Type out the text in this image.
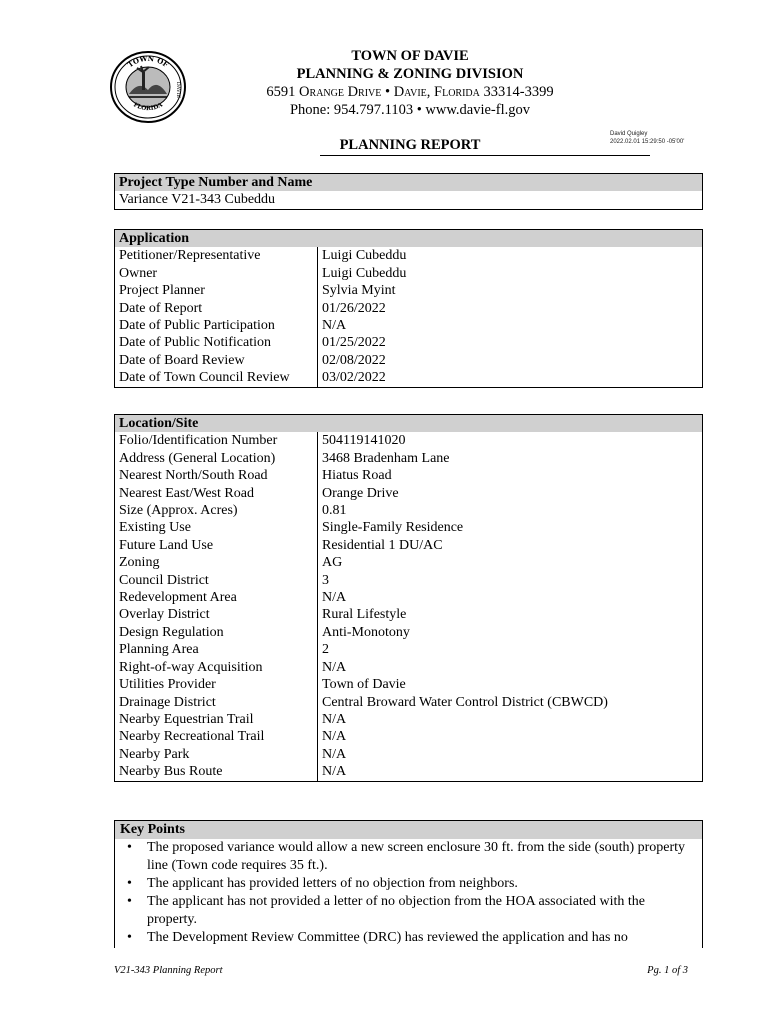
TOWN OF
FLORIDA
DAVIE
TOWN OF DAVIE
PLANNING & ZONING DIVISION
6591 Orange Drive • Davie, Florida 33314-3399
Phone: 954.797.1103 • www.davie-fl.gov
David Quigley
2022.02.01 15:29:50 -05'00'
PLANNING REPORT
Project Type Number and Name
Variance V21-343 Cubeddu
Application	
Petitioner/Representative	Luigi Cubeddu
Owner	Luigi Cubeddu
Project Planner	Sylvia Myint
Date of Report	01/26/2022
Date of Public Participation	N/A
Date of Public Notification	01/25/2022
Date of Board Review	02/08/2022
Date of Town Council Review	03/02/2022
Location/Site	
Folio/Identification Number	504119141020
Address (General Location)	3468 Bradenham Lane
Nearest North/South Road	Hiatus Road
Nearest East/West Road	Orange Drive
Size (Approx. Acres)	0.81
Existing Use	Single-Family Residence
Future Land Use	Residential 1 DU/AC
Zoning	AG
Council District	3
Redevelopment Area	N/A
Overlay District	Rural Lifestyle
Design Regulation	Anti-Monotony
Planning Area	2
Right-of-way Acquisition	N/A
Utilities Provider	Town of Davie
Drainage District	Central Broward Water Control District (CBWCD)
Nearby Equestrian Trail	N/A
Nearby Recreational Trail	N/A
Nearby Park	N/A
Nearby Bus Route	N/A
Key Points
• The proposed variance would allow a new screen enclosure 30 ft. from the side (south) property line (Town code requires 35 ft.).
• The applicant has provided letters of no objection from neighbors.
• The applicant has not provided a letter of no objection from the HOA associated with the property.
• The Development Review Committee (DRC) has reviewed the application and has no
V21-343 Planning Report	Pg. 1 of 3
